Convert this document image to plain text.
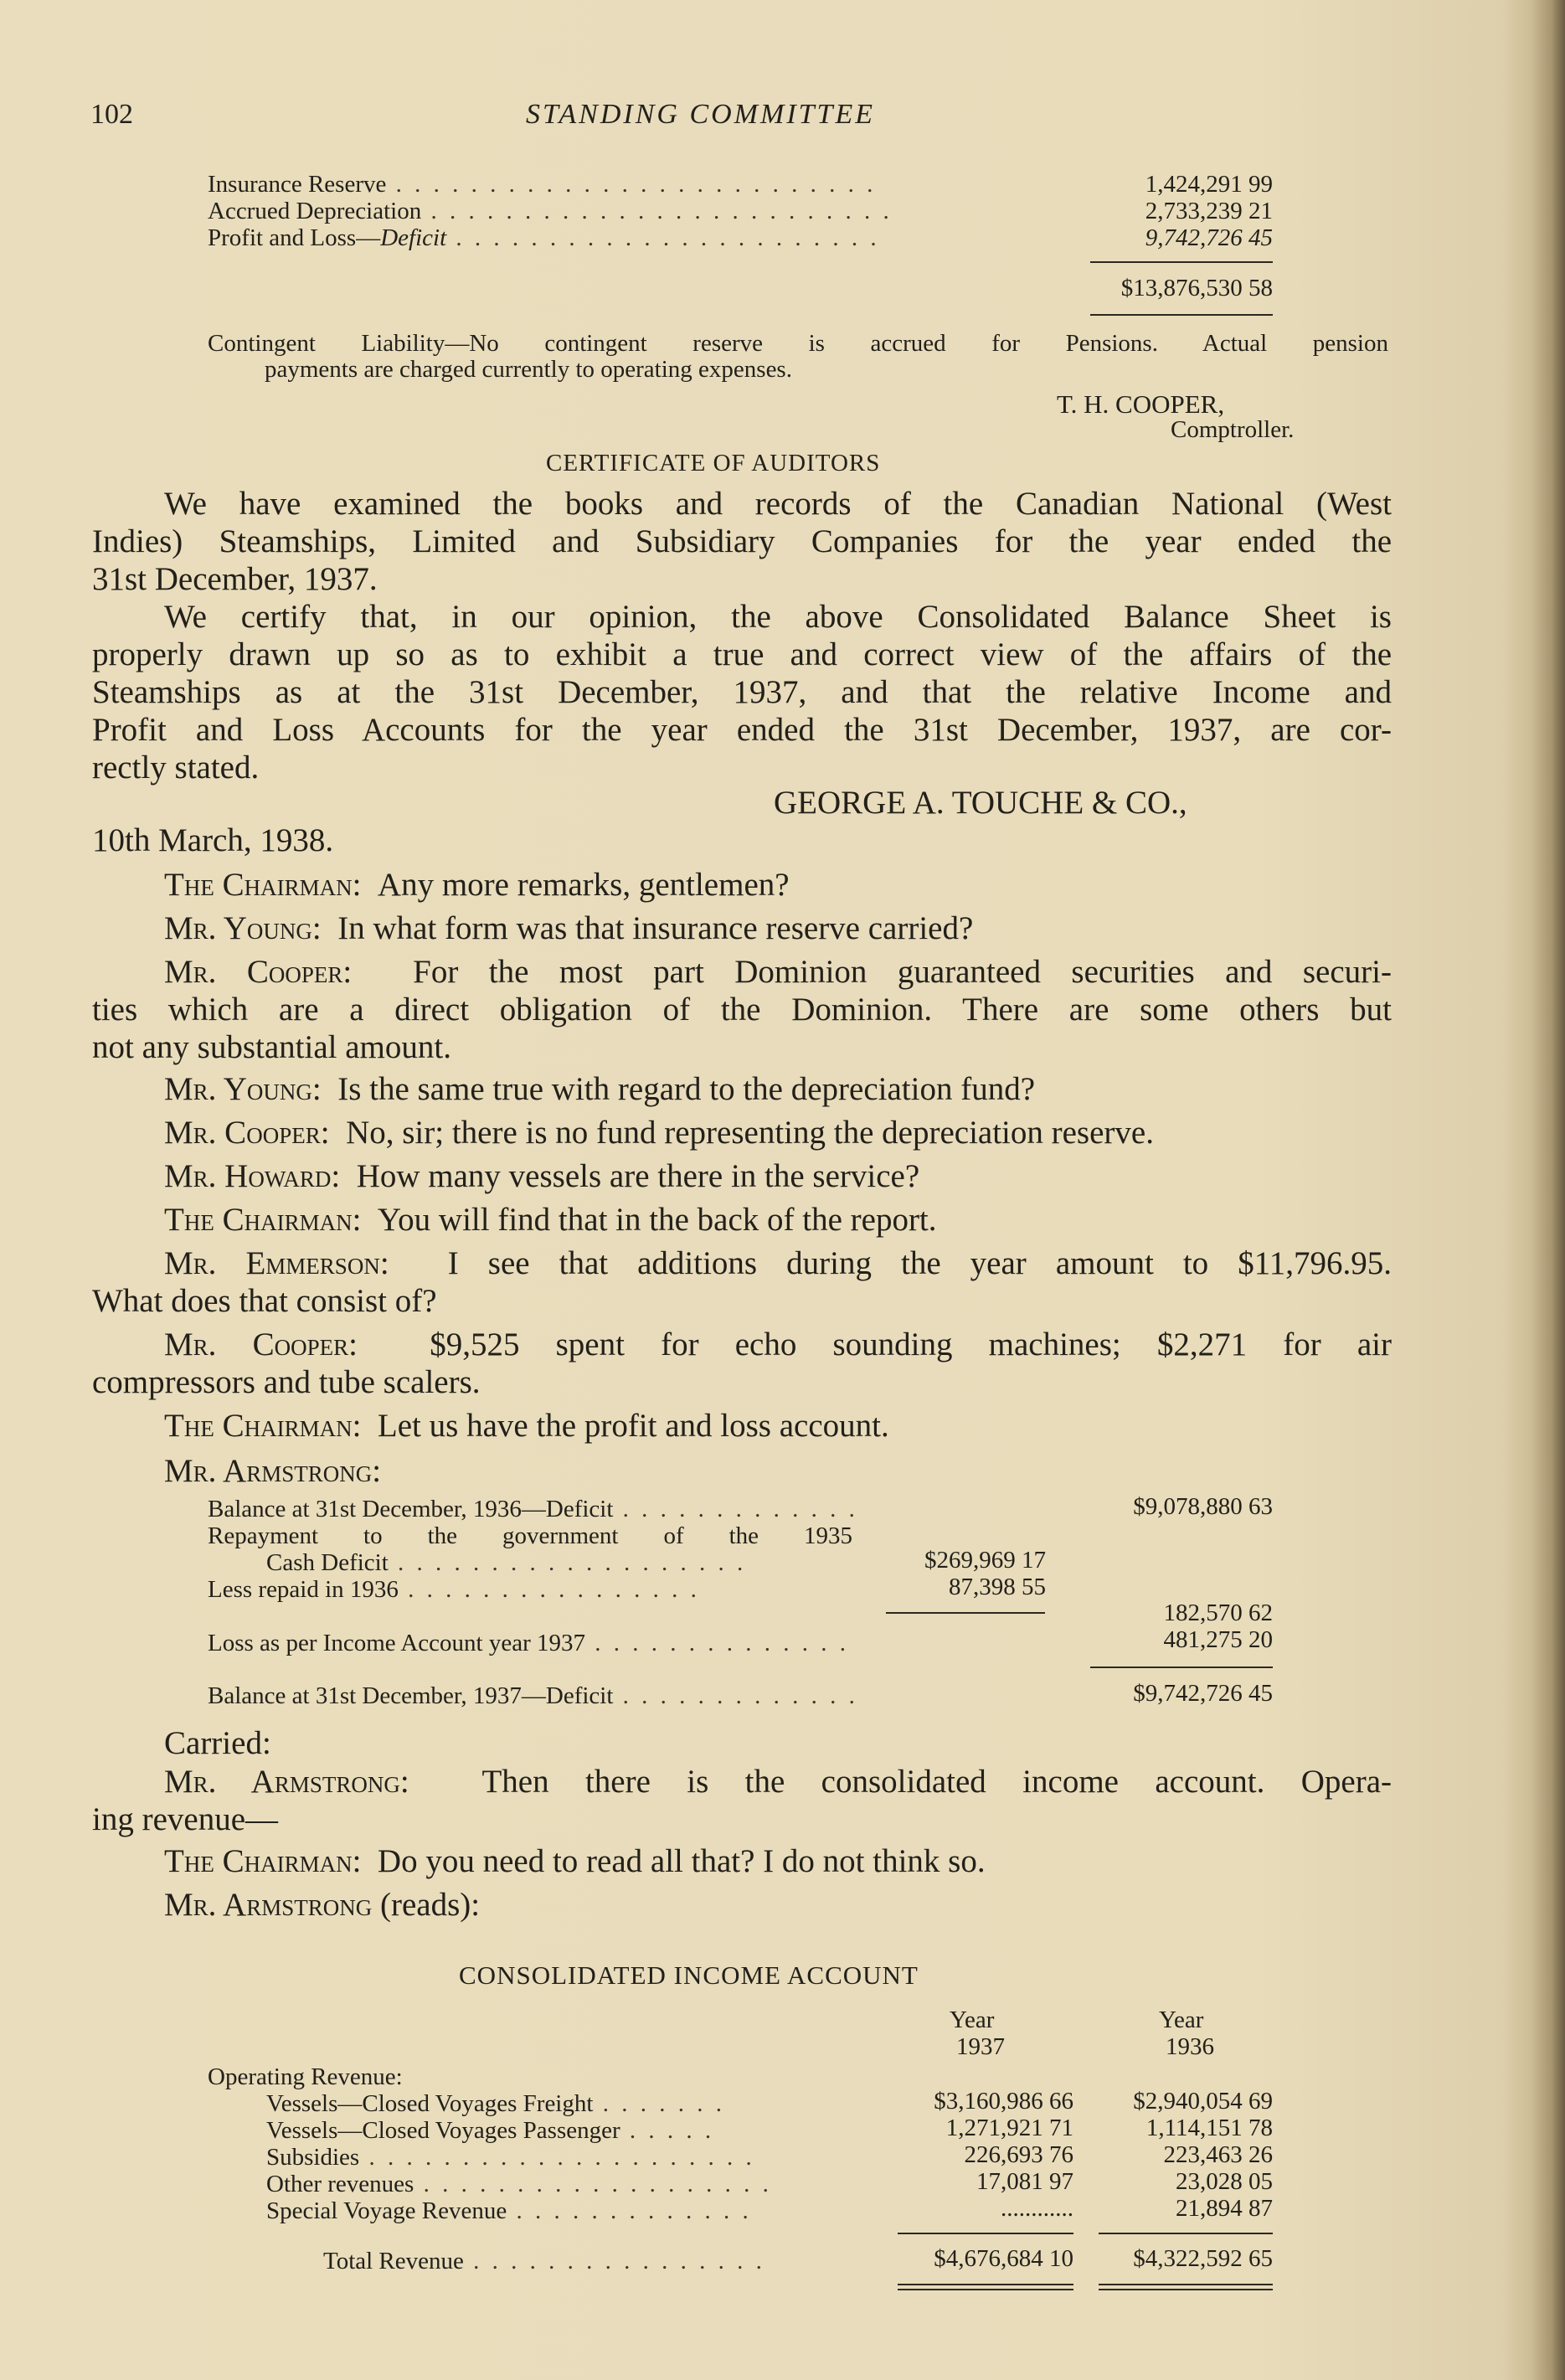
102	STANDING COMMITTEE
Insurance Reserve . . . . . . . . . . . . . . . . . . . . . . . . . .	1,424,291 99
Accrued Depreciation . . . . . . . . . . . . . . . . . . . . . . . . .	2,733,239 21
Profit and Loss—Deficit . . . . . . . . . . . . . . . . . . . . . . .	9,742,726 45
$13,876,530 58
Contingent Liability—No contingent reserve is accrued for Pensions. Actual pension
payments are charged currently to operating expenses.
T. H. COOPER,
Comptroller.
CERTIFICATE OF AUDITORS
We have examined the books and records of the Canadian National (West
Indies) Steamships, Limited and Subsidiary Companies for the year ended the
31st December, 1937.
We certify that, in our opinion, the above Consolidated Balance Sheet is
properly drawn up so as to exhibit a true and correct view of the affairs of the
Steamships as at the 31st December, 1937, and that the relative Income and
Profit and Loss Accounts for the year ended the 31st December, 1937, are cor-
rectly stated.
GEORGE A. TOUCHE & CO.,
10th March, 1938.
The Chairman: Any more remarks, gentlemen?
Mr. Young: In what form was that insurance reserve carried?
Mr. Cooper: For the most part Dominion guaranteed securities and securi-
ties which are a direct obligation of the Dominion. There are some others but
not any substantial amount.
Mr. Young: Is the same true with regard to the depreciation fund?
Mr. Cooper: No, sir; there is no fund representing the depreciation reserve.
Mr. Howard: How many vessels are there in the service?
The Chairman: You will find that in the back of the report.
Mr. Emmerson: I see that additions during the year amount to $11,796.95.
What does that consist of?
Mr. Cooper: $9,525 spent for echo sounding machines; $2,271 for air
compressors and tube scalers.
The Chairman: Let us have the profit and loss account.
Mr. Armstrong:
Balance at 31st December, 1936—Deficit . . . . . . . . . . . . .	$9,078,880 63
Repayment to the government of the 1935
Cash Deficit . . . . . . . . . . . . . . . . . . .	$269,969 17
Less repaid in 1936 . . . . . . . . . . . . . . . .	87,398 55
182,570 62
Loss as per Income Account year 1937 . . . . . . . . . . . . . .	481,275 20
Balance at 31st December, 1937—Deficit . . . . . . . . . . . . .	$9,742,726 45
Carried:
Mr. Armstrong: Then there is the consolidated income account. Opera-
ing revenue—
The Chairman: Do you need to read all that? I do not think so.
Mr. Armstrong (reads):
CONSOLIDATED INCOME ACCOUNT
Year
1937
Year
1936
Operating Revenue:
Vessels—Closed Voyages Freight . . . . . . .	$3,160,986 66 $2,940,054 69
Vessels—Closed Voyages Passenger . . . . .	1,271,921 71	1,114,151 78
Subsidies . . . . . . . . . . . . . . . . . . . . .	226,693 76	223,463 26
Other revenues . . . . . . . . . . . . . . . . . . .	17,081 97	23,028 05
Special Voyage Revenue . . . . . . . . . . . . .	............	21,894 87
Total Revenue . . . . . . . . . . . . . . . .	$4,676,684 10 $4,322,592 65
